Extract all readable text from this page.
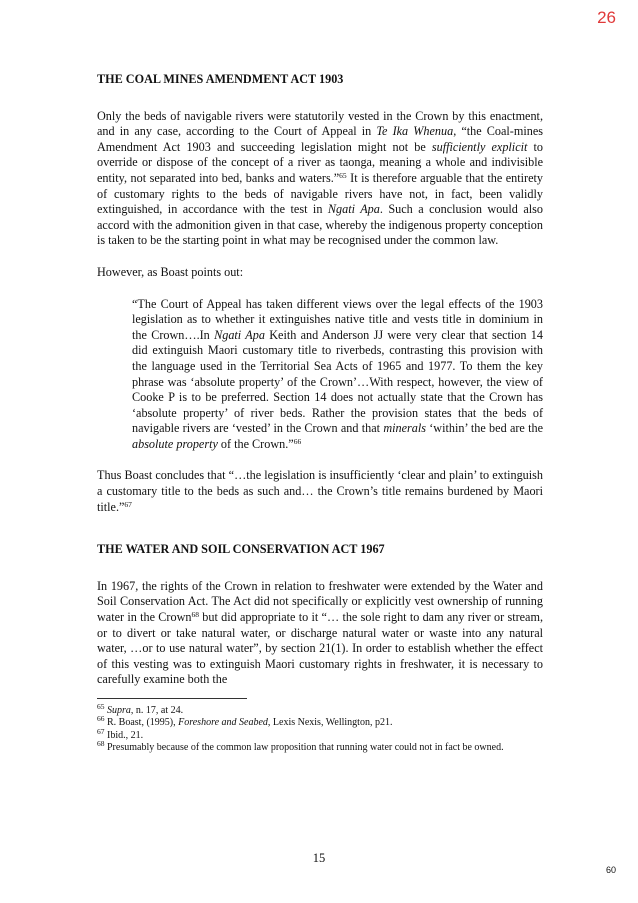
26
THE COAL MINES AMENDMENT ACT 1903

Only the beds of navigable rivers were statutorily vested in the Crown by this enactment, and in any case, according to the Court of Appeal in Te Ika Whenua, “the Coal-mines Amendment Act 1903 and succeeding legislation might not be sufficiently explicit to override or dispose of the concept of a river as taonga, meaning a whole and indivisible entity, not separated into bed, banks and waters.”$^{65}$ It is therefore arguable that the entirety of customary rights to the beds of navigable rivers have not, in fact, been validly extinguished, in accordance with the test in Ngati Apa. Such a conclusion would also accord with the admonition given in that case, whereby the indigenous property conception is taken to be the starting point in what may be recognised under the common law.

However, as Boast points out:

“The Court of Appeal has taken different views over the legal effects of the 1903 legislation as to whether it extinguishes native title and vests title in dominium in the Crown….In Ngati Apa Keith and Anderson JJ were very clear that section 14 did extinguish Maori customary title to riverbeds, contrasting this provision with the language used in the Territorial Sea Acts of 1965 and 1977. To them the key phrase was ‘absolute property’ of the Crown’…With respect, however, the view of Cooke P is to be preferred. Section 14 does not actually state that the Crown has ‘absolute property’ of river beds. Rather the provision states that the beds of navigable rivers are ‘vested’ in the Crown and that minerals ‘within’ the bed are the absolute property of the Crown.”$^{66}$

Thus Boast concludes that “…the legislation is insufficiently ‘clear and plain’ to extinguish a customary title to the beds as such and… the Crown’s title remains burdened by Maori title.”$^{67}$

THE WATER AND SOIL CONSERVATION ACT 1967

In 1967, the rights of the Crown in relation to freshwater were extended by the Water and Soil Conservation Act. The Act did not specifically or explicitly vest ownership of running water in the Crown$^{68}$ but did appropriate to it “… the sole right to dam any river or stream, or to divert or take natural water, or discharge natural water or waste into any natural water, …or to use natural water”, by section 21(1). In order to establish whether the effect of this vesting was to extinguish Maori customary rights in freshwater, it is necessary to carefully examine both the

$^{65}$ Supra, n. 17, at 24.
$^{66}$ R. Boast, (1995), Foreshore and Seabed, Lexis Nexis, Wellington, p21.
$^{67}$ Ibid., 21.
$^{68}$ Presumably because of the common law proposition that running water could not in fact be owned.
15
60
